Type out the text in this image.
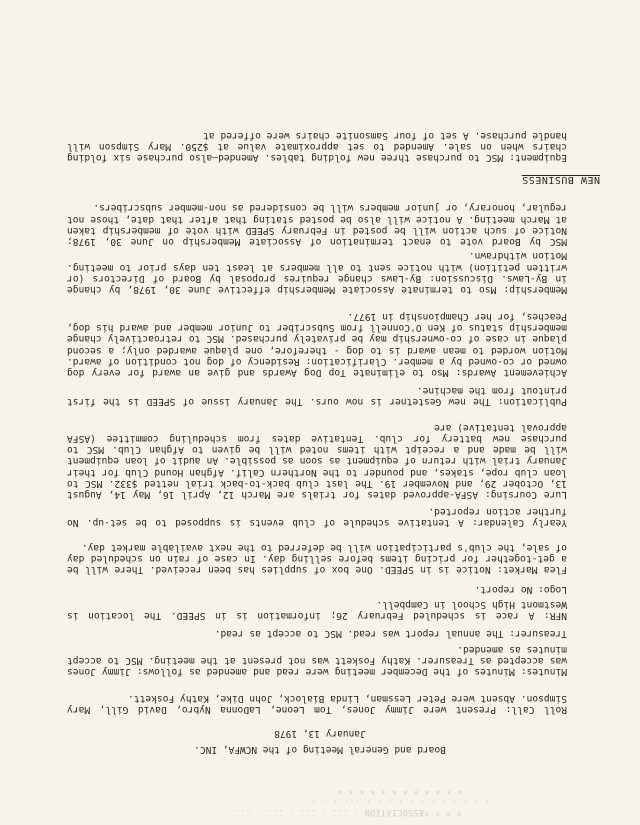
* * * *ÆSSOCIATION · ... · ... · ... · ...
· · · · · · · · · · · · · · · · ·
* * * * * * * * * * * *
Board and General Meeting of the NCWFA, INC.
January 13, 1978
Roll Call: Present were Jimmy Jones, Tom Leone, LaDonna Nybro, David Gill, Mary Simpson. Absent were Peter Lessman, Linda Bialock, John Dike, Kathy Foskett.
Minutes: Minutes of the December meeting were read and amended as follows: Jimmy Jones was accepted as Treasurer. Kathy Foskett was not present at the meeting. MSC to accept minutes as amended.
Treasurer: The annual report was read. MSC to accept as read.
NFR: A race is scheduled February 26; information is in SPEED. The location is Westmont High School in Campbell.
Logo: No report.
Flea Market: Notice is in SPEED. One box of supplies has been received. There will be a get-together for pricing items before selling day. In case of rain on scheduled day of sale, the club's participation will be deferred to the next available market day.
Yearly Calendar: A tentative schedule of club events is supposed to be set-up. No further action reported.
Lure Coursing: ASFA-approved dates for trials are March 12, April 16, May 14, August 13, October 29, and November 19. The last club back-to-back trial netted $332. MSC to loan club rope, stakes, and pounder to the Northern Calif. Afghan Hound Club for their January trial with return of equipment as soon as possible. An audit of loan equipment will be made and a receipt with items noted will be given to Afghan Club. MSC to purchase new battery for club. Tentative dates from scheduling committee (ASFA approval tentative) are
Publication: The new Gestetner is now ours. The January issue of SPEED is the first printout from the machine.
Achievement Awards: Mso to eliminate Top Dog Awards and give an award for every dog owned or co-owned by a member. Clarification: Residency of dog not condition of award. Motion worded to mean award is to dog - therefore, one plaque awarded only; a second plaque in case of co-ownership may be privately purchased. MSC to retroactively change membership status of Ken O'Connell from Subscriber to Junior member and award his dog, Peaches, for her Championship in 1977.
Membership: Mso to terminate Associate Membership effective June 30, 1978, by change in By-Laws. Discussion: By-Laws change requires proposal by Board of Directors (or written petition) with notice sent to all members at least ten days prior to meeting. Motion withdrawn.
MSC by Board vote to enact termination of Associate Membership on June 30, 1978; Notice of such action will be posted in February SPEED with vote of membership taken at March meeting. A notice will also be posted stating that after that date, those not regular, honorary, or junior members will be considered as non-member subscribers.
NEW BUSINESS
Equipment: MSC to purchase three new folding tables. Amended—also purchase six folding chairs when on sale. Amended to set approximate value at $250. Mary Simpson will handle purchase. A set of four Samsonite chairs were offered at
